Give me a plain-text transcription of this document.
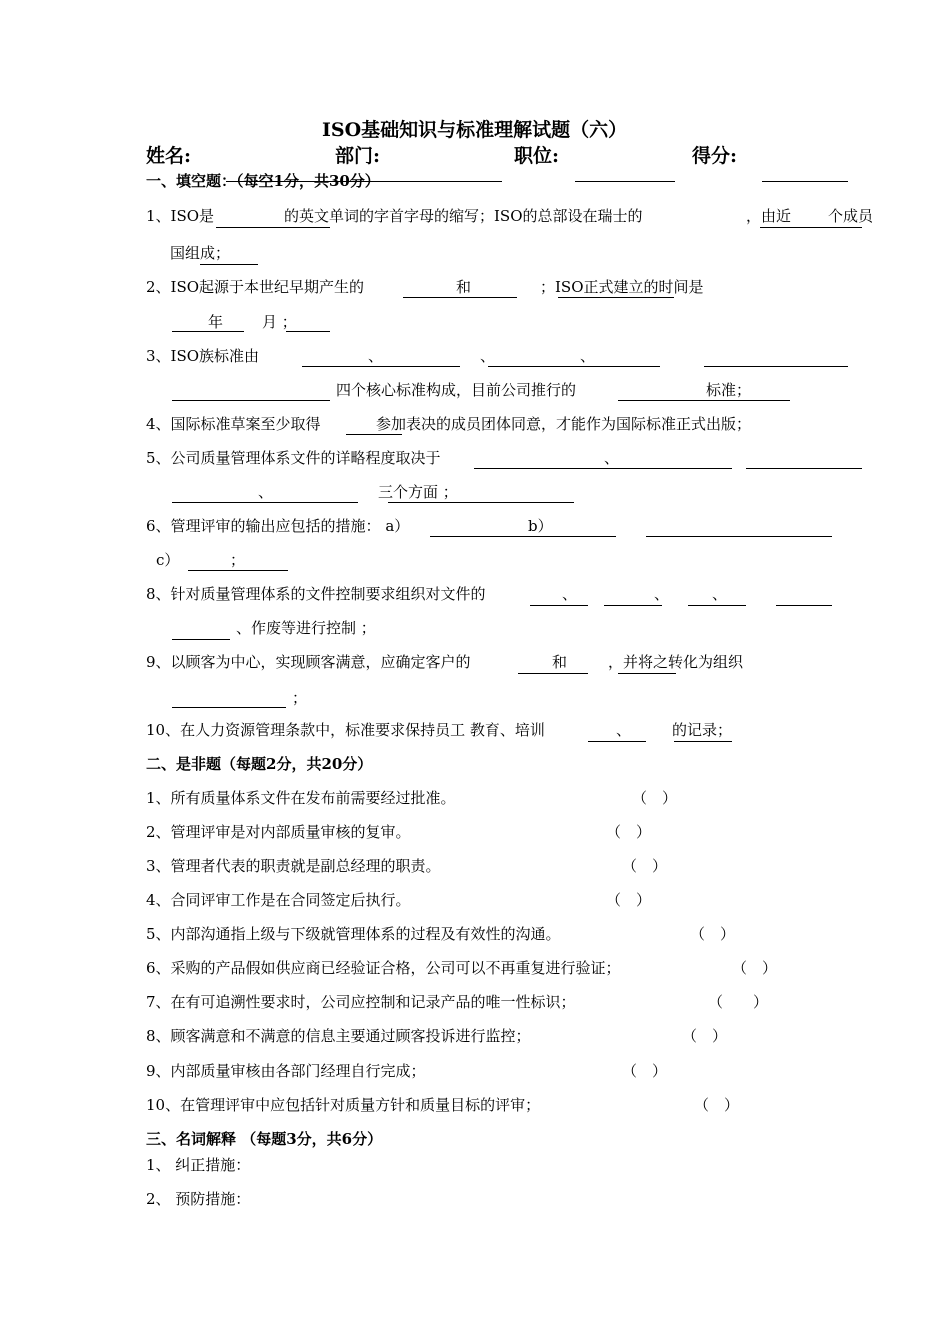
ISO基础知识与标准理解试题（六）
姓名:	部门:	职位:	得分:
一、填空题：（每空1分，共30分）
1、ISO是	的英文单词的字首字母的缩写；ISO的总部设在瑞士的	，由近 个成员
国组成；
2、ISO起源于本世纪早期产生的	和	；ISO正式建立的时间是
年	月 ；
3、ISO族标准由	、	、	、
四个核心标准构成，目前公司推行的	标准；
4、国际标准草案至少取得	参加表决的成员团体同意，才能作为国际标准正式出版；
5、公司质量管理体系文件的详略程度取决于	、
、	三个方面 ；
6、管理评审的输出应包括的措施： a）	b）
c）	；
8、针对质量管理体系的文件控制要求组织对文件的	、	、	、
、作废等进行控制 ；
9、以顾客为中心，实现顾客满意，应确定客户的	和	，并将之转化为组织
；
10、在人力资源管理条款中，标准要求保持员工 教育、培训	、	的记录；
二、是非题（每题2分，共20分）
1、所有质量体系文件在发布前需要经过批准。	（　）
2、管理评审是对内部质量审核的复审。	（　）
3、管理者代表的职责就是副总经理的职责。	（　）
4、合同评审工作是在合同签定后执行。	（　）
5、内部沟通指上级与下级就管理体系的过程及有效性的沟通。	（　）
6、采购的产品假如供应商已经验证合格，公司可以不再重复进行验证；	（　）
7、在有可追溯性要求时，公司应控制和记录产品的唯一性标识；	（　　）
8、顾客满意和不满意的信息主要通过顾客投诉进行监控；	（　）
9、内部质量审核由各部门经理自行完成；	（　）
10、在管理评审中应包括针对质量方针和质量目标的评审；	（　）
三、名词解释 （每题3分，共6分）
1、 纠正措施：
2、 预防措施：
